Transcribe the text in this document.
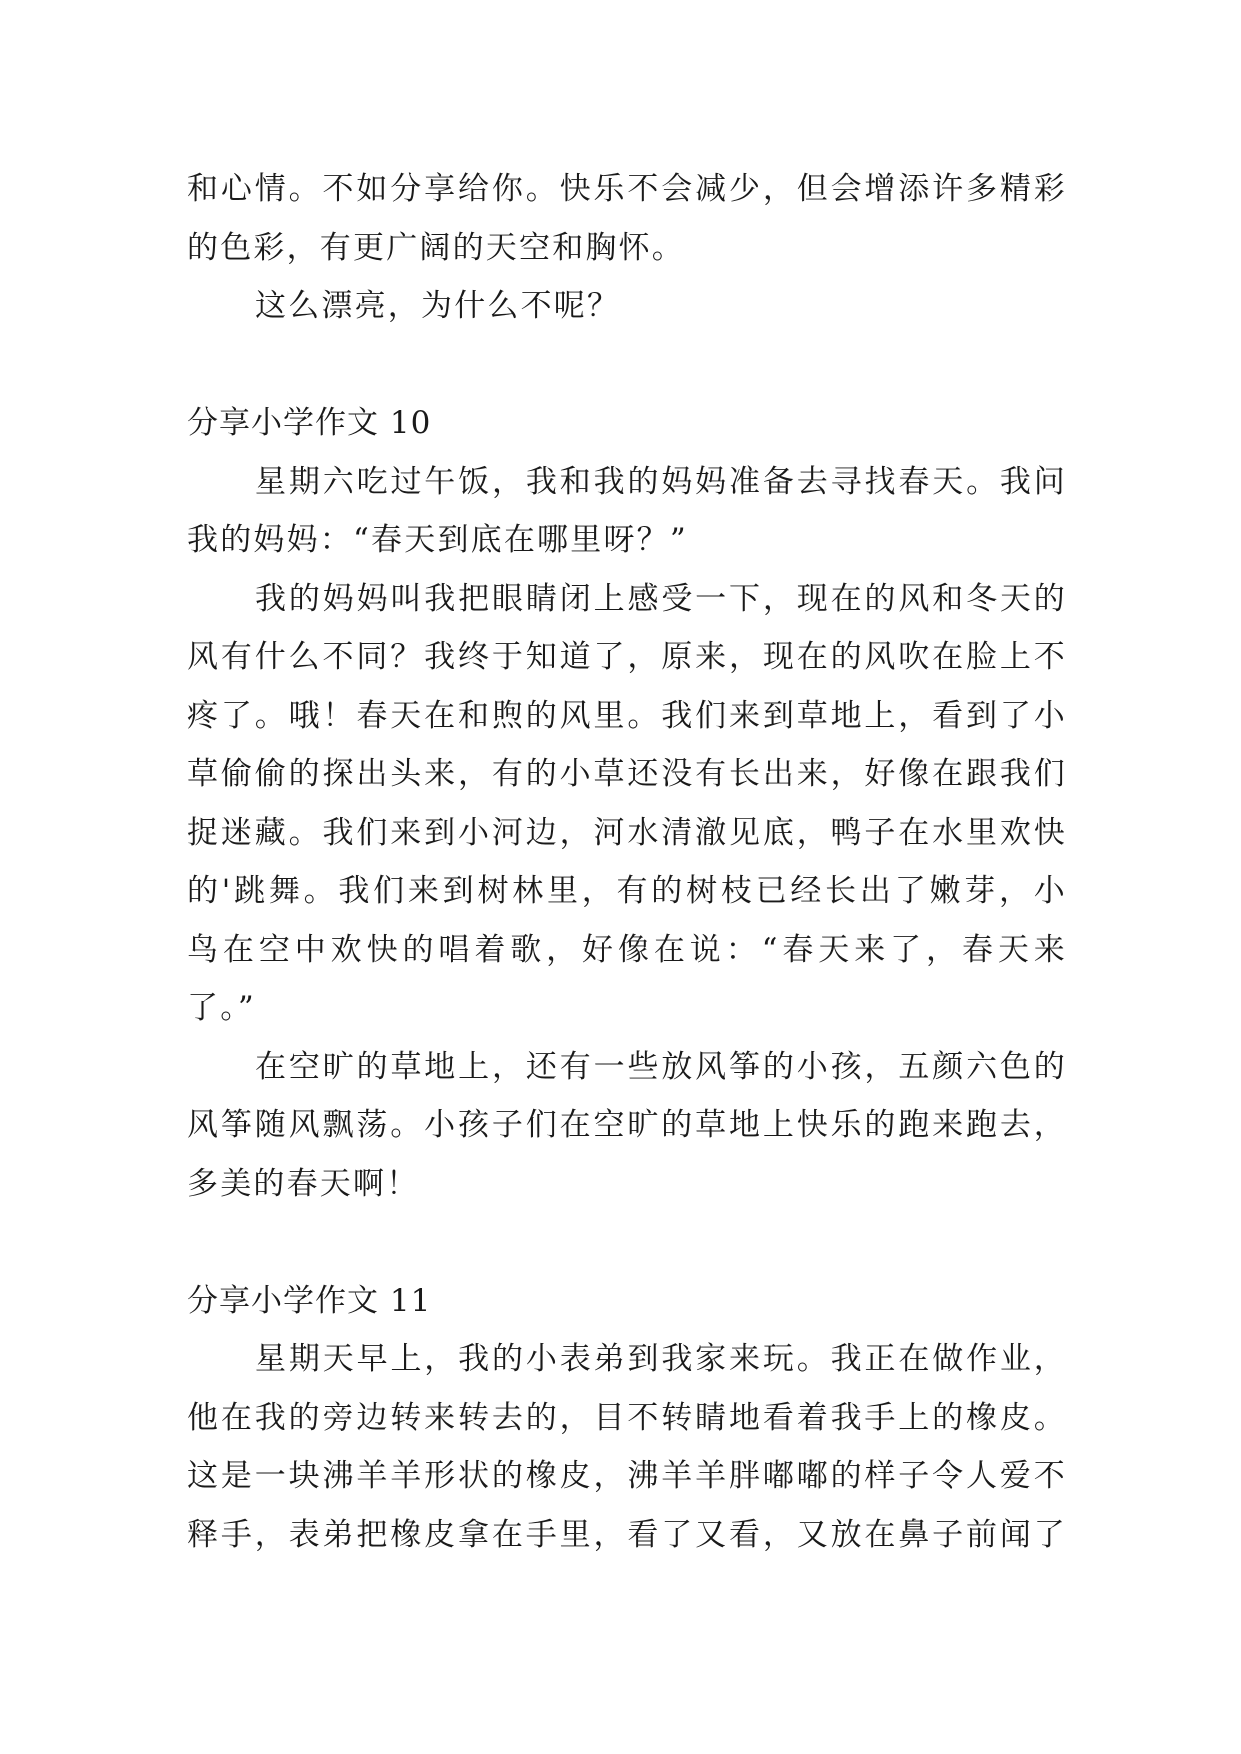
和心情。不如分享给你。快乐不会减少，但会增添许多精彩
的色彩，有更广阔的天空和胸怀。
这么漂亮，为什么不呢？
分享小学作文 10
星期六吃过午饭，我和我的妈妈准备去寻找春天。我问
我的妈妈：“春天到底在哪里呀？”
我的妈妈叫我把眼睛闭上感受一下，现在的风和冬天的
风有什么不同？我终于知道了，原来，现在的风吹在脸上不
疼了。哦！春天在和煦的风里。我们来到草地上，看到了小
草偷偷的探出头来，有的小草还没有长出来，好像在跟我们
捉迷藏。我们来到小河边，河水清澈见底，鸭子在水里欢快
的'跳舞。我们来到树林里，有的树枝已经长出了嫩芽，小
鸟在空中欢快的唱着歌，好像在说：“春天来了，春天来
了。”
在空旷的草地上，还有一些放风筝的小孩，五颜六色的
风筝随风飘荡。小孩子们在空旷的草地上快乐的跑来跑去，
多美的春天啊！
分享小学作文 11
星期天早上，我的小表弟到我家来玩。我正在做作业，
他在我的旁边转来转去的，目不转睛地看着我手上的橡皮。
这是一块沸羊羊形状的橡皮，沸羊羊胖嘟嘟的样子令人爱不
释手，表弟把橡皮拿在手里，看了又看，又放在鼻子前闻了
